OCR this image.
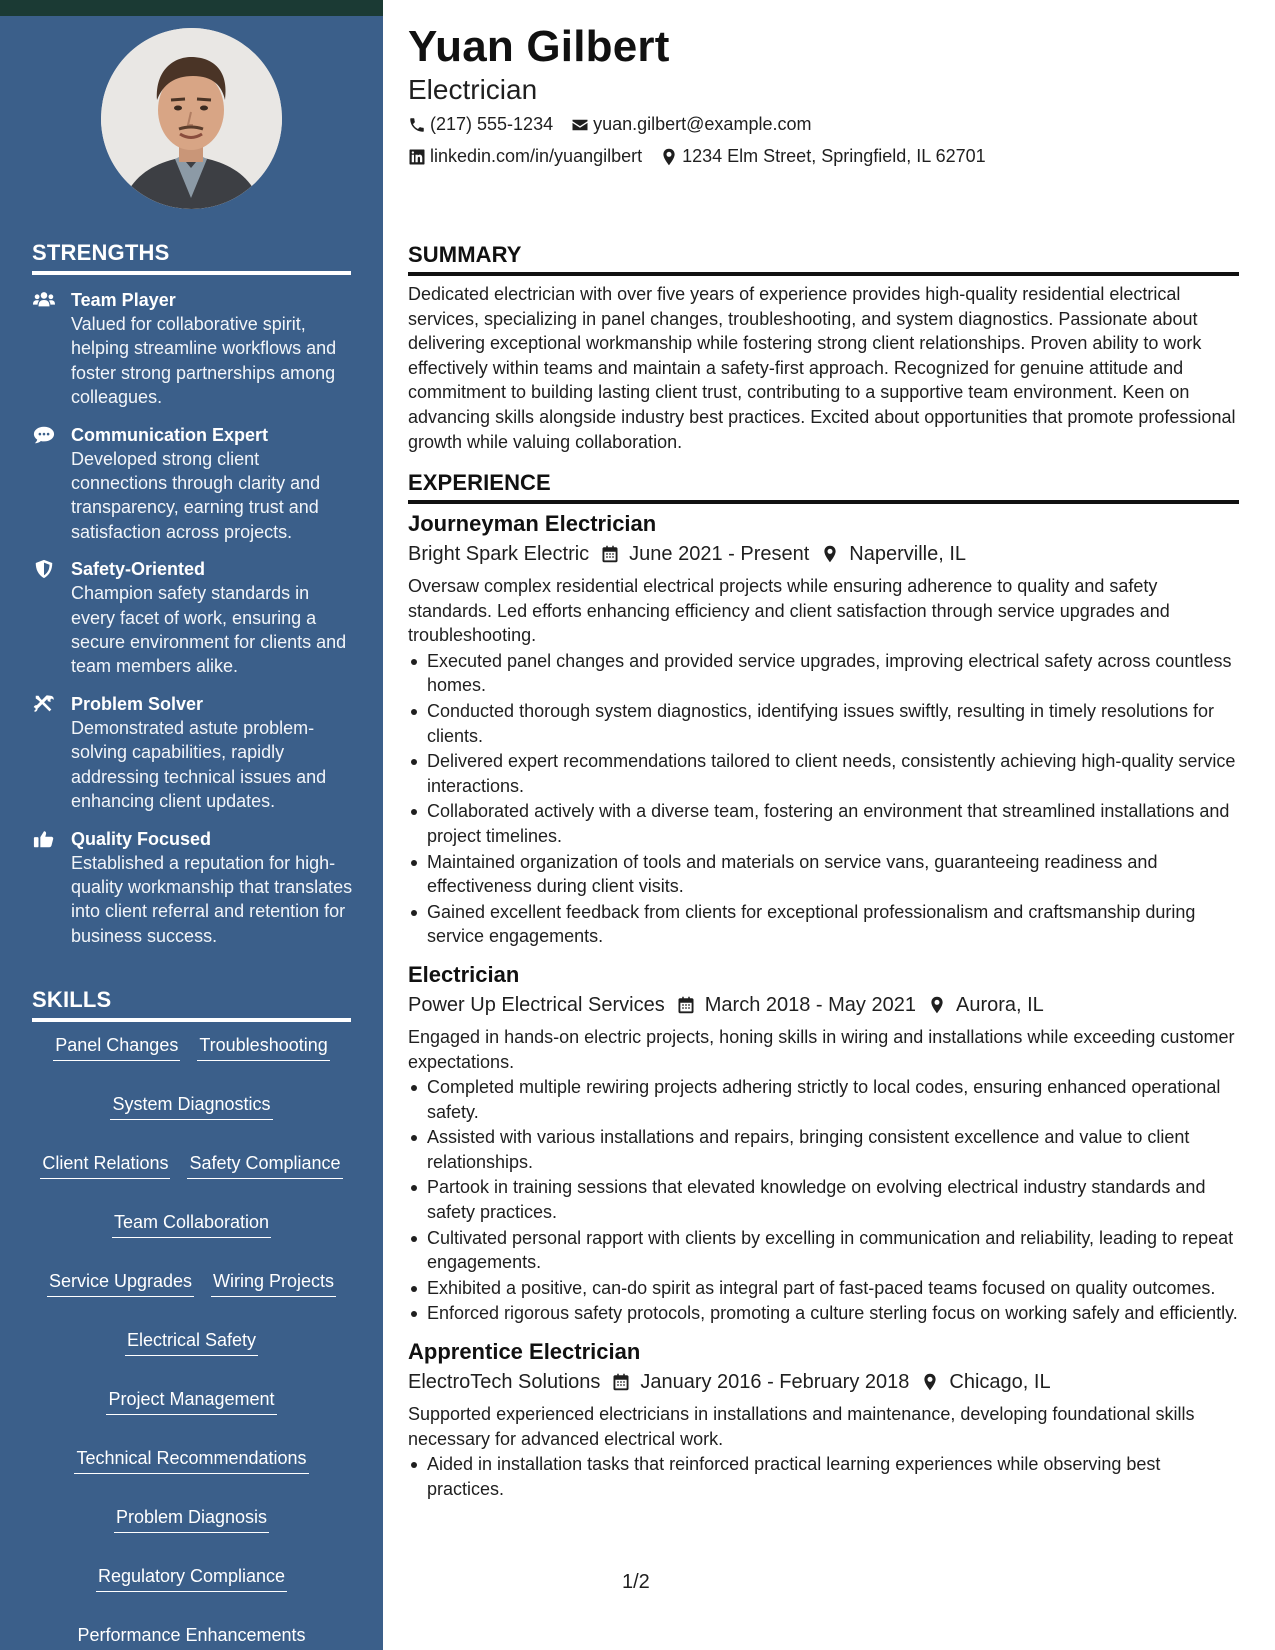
STRENGTHS
Team Player
Valued for collaborative spirit, helping streamline workflows and foster strong partnerships among colleagues.
Communication Expert
Developed strong client connections through clarity and transparency, earning trust and satisfaction across projects.
Safety-Oriented
Champion safety standards in every facet of work, ensuring a secure environment for clients and team members alike.
Problem Solver
Demonstrated astute problem-solving capabilities, rapidly addressing technical issues and enhancing client updates.
Quality Focused
Established a reputation for high-quality workmanship that translates into client referral and retention for business success.
SKILLS
Panel Changes Troubleshooting
System Diagnostics
Client Relations Safety Compliance
Team Collaboration
Service Upgrades Wiring Projects
Electrical Safety
Project Management
Technical Recommendations
Problem Diagnosis
Regulatory Compliance
Performance Enhancements
Yuan Gilbert
Electrician
(217) 555-1234 yuan.gilbert@example.com
linkedin.com/in/yuangilbert 1234 Elm Street, Springfield, IL 62701
SUMMARY
Dedicated electrician with over five years of experience provides high-quality residential electrical services, specializing in panel changes, troubleshooting, and system diagnostics. Passionate about delivering exceptional workmanship while fostering strong client relationships. Proven ability to work effectively within teams and maintain a safety-first approach. Recognized for genuine attitude and commitment to building lasting client trust, contributing to a supportive team environment. Keen on advancing skills alongside industry best practices. Excited about opportunities that promote professional growth while valuing collaboration.
EXPERIENCE
Journeyman Electrician
Bright Spark Electric June 2021 - Present Naperville, IL
Oversaw complex residential electrical projects while ensuring adherence to quality and safety standards. Led efforts enhancing efficiency and client satisfaction through service upgrades and troubleshooting.
Executed panel changes and provided service upgrades, improving electrical safety across countless homes.
Conducted thorough system diagnostics, identifying issues swiftly, resulting in timely resolutions for clients.
Delivered expert recommendations tailored to client needs, consistently achieving high-quality service interactions.
Collaborated actively with a diverse team, fostering an environment that streamlined installations and project timelines.
Maintained organization of tools and materials on service vans, guaranteeing readiness and effectiveness during client visits.
Gained excellent feedback from clients for exceptional professionalism and craftsmanship during service engagements.
Electrician
Power Up Electrical Services March 2018 - May 2021 Aurora, IL
Engaged in hands-on electric projects, honing skills in wiring and installations while exceeding customer expectations.
Completed multiple rewiring projects adhering strictly to local codes, ensuring enhanced operational safety.
Assisted with various installations and repairs, bringing consistent excellence and value to client relationships.
Partook in training sessions that elevated knowledge on evolving electrical industry standards and safety practices.
Cultivated personal rapport with clients by excelling in communication and reliability, leading to repeat engagements.
Exhibited a positive, can-do spirit as integral part of fast-paced teams focused on quality outcomes.
Enforced rigorous safety protocols, promoting a culture sterling focus on working safely and efficiently.
Apprentice Electrician
ElectroTech Solutions January 2016 - February 2018 Chicago, IL
Supported experienced electricians in installations and maintenance, developing foundational skills necessary for advanced electrical work.
Aided in installation tasks that reinforced practical learning experiences while observing best practices.
1/2
